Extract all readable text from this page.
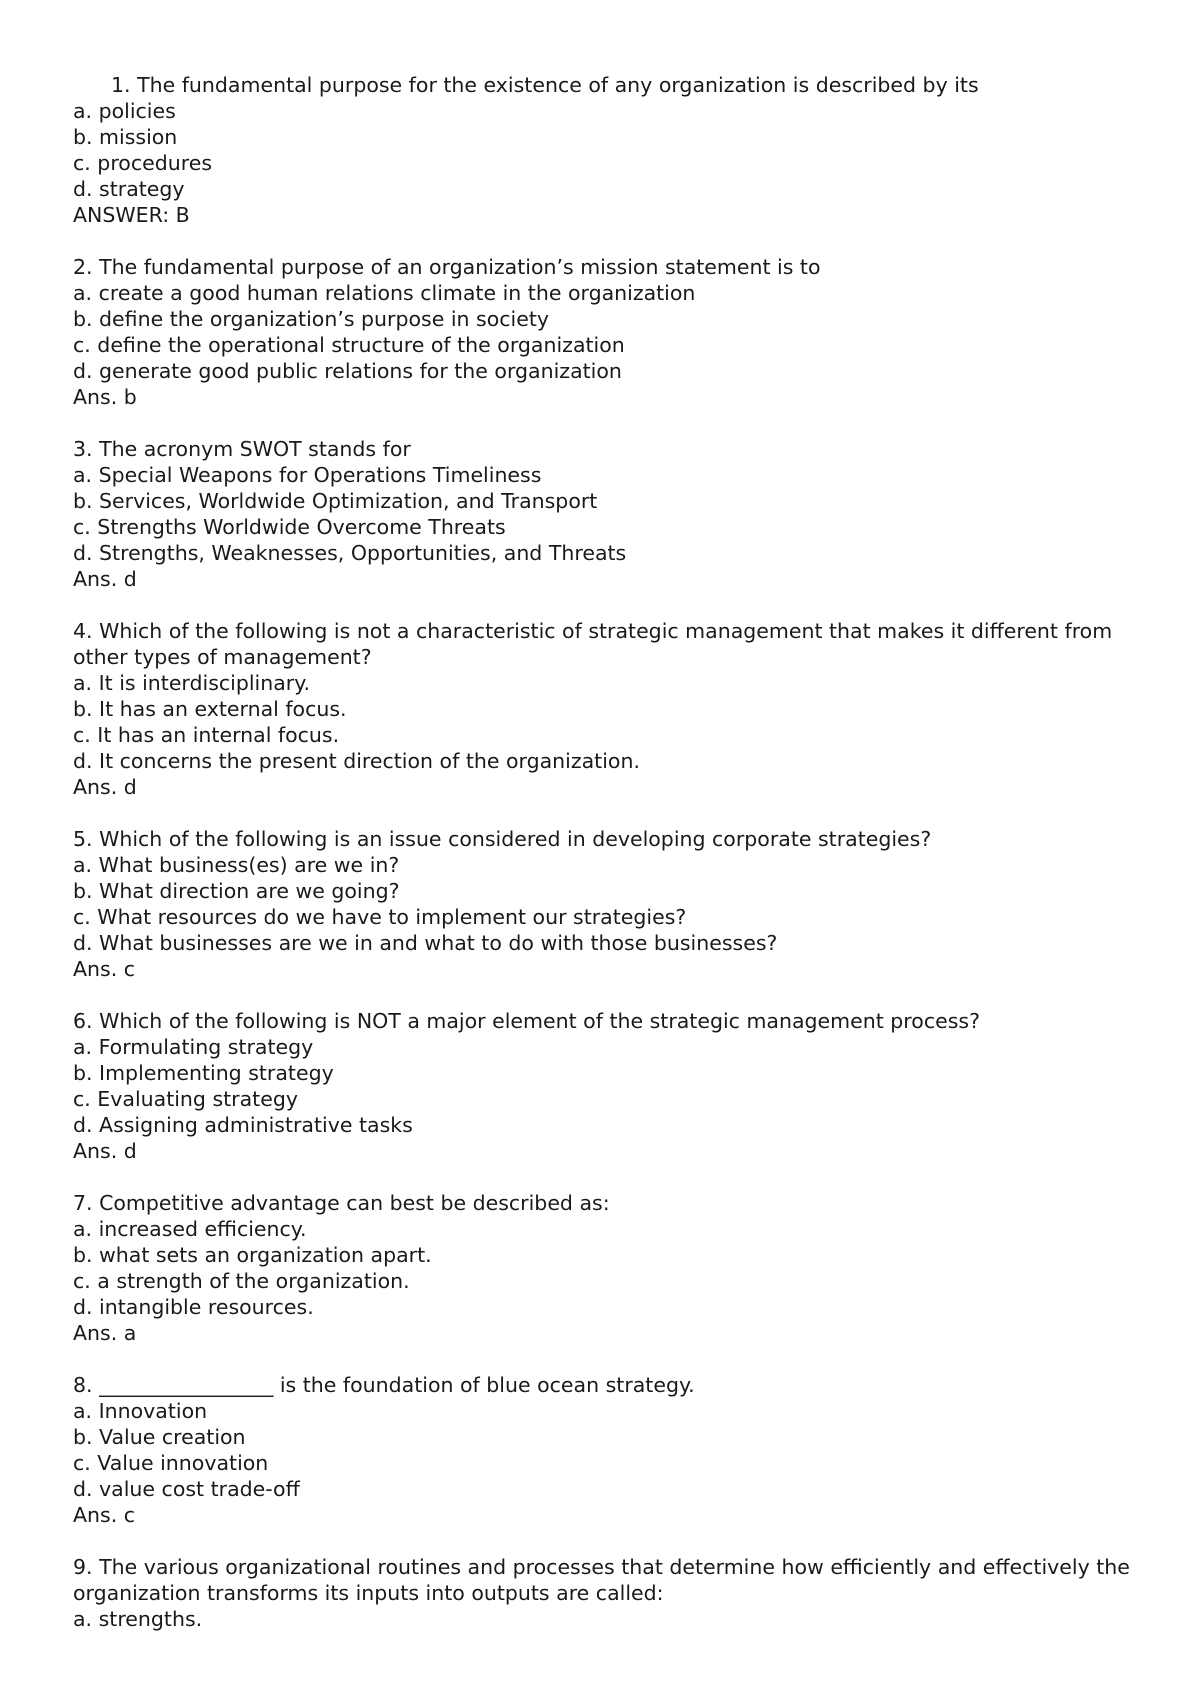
1. The fundamental purpose for the existence of any organization is described by its
a. policies
b. mission
c. procedures
d. strategy
ANSWER: B
2. The fundamental purpose of an organization’s mission statement is to
a. create a good human relations climate in the organization
b. define the organization’s purpose in society
c. define the operational structure of the organization
d. generate good public relations for the organization
Ans. b
3. The acronym SWOT stands for
a. Special Weapons for Operations Timeliness
b. Services, Worldwide Optimization, and Transport
c. Strengths Worldwide Overcome Threats
d. Strengths, Weaknesses, Opportunities, and Threats
Ans. d
4. Which of the following is not a characteristic of strategic management that makes it different from other types of management?
a. It is interdisciplinary.
b. It has an external focus.
c. It has an internal focus.
d. It concerns the present direction of the organization.
Ans. d
5. Which of the following is an issue considered in developing corporate strategies?
a. What business(es) are we in?
b. What direction are we going?
c. What resources do we have to implement our strategies?
d. What businesses are we in and what to do with those businesses?
Ans. c
6. Which of the following is NOT a major element of the strategic management process?
a. Formulating strategy
b. Implementing strategy
c. Evaluating strategy
d. Assigning administrative tasks
Ans. d
7. Competitive advantage can best be described as:
a. increased efficiency.
b. what sets an organization apart.
c. a strength of the organization.
d. intangible resources.
Ans. a
8. _________________ is the foundation of blue ocean strategy.
a. Innovation
b. Value creation
c. Value innovation
d. value cost trade-off
Ans. c
9. The various organizational routines and processes that determine how efficiently and effectively the organization transforms its inputs into outputs are called:
a. strengths.
